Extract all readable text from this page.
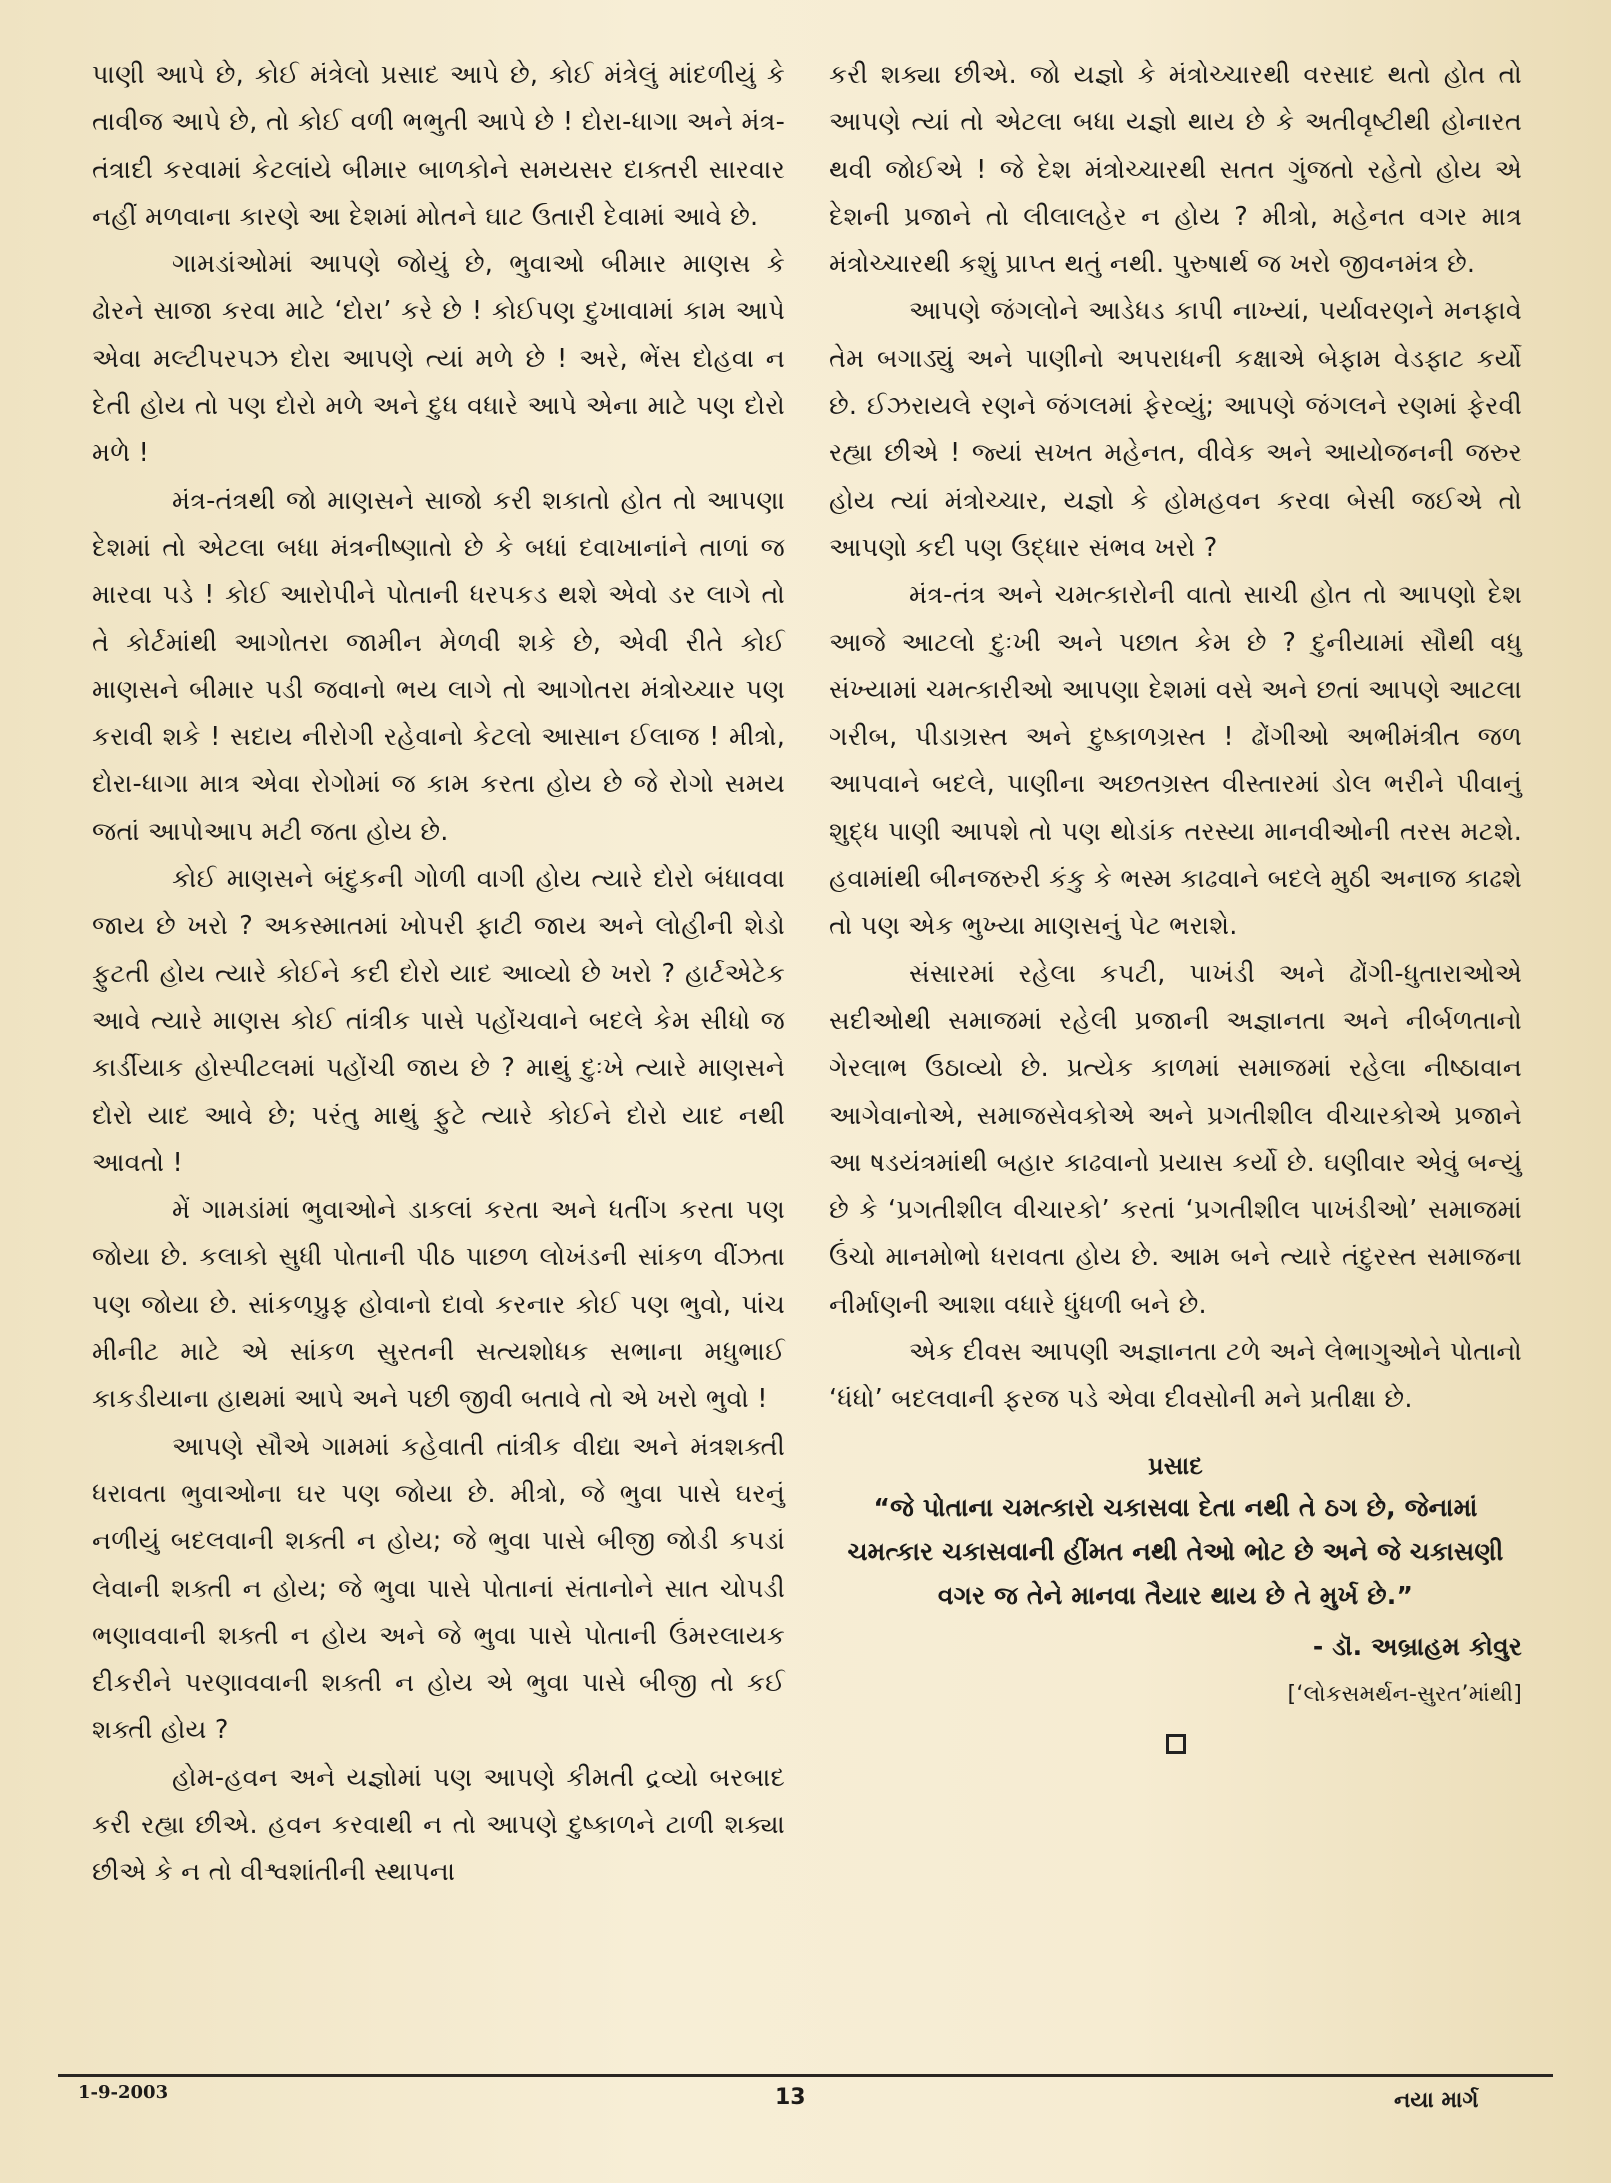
પાણી આપે છે, કોઈ મંત્રેલો પ્રસાદ આપે છે, કોઈ મંત્રેલું માંદળીયું કે તાવીજ આપે છે, તો કોઈ વળી ભભુતી આપે છે ! દોરા-ધાગા અને મંત્ર-તંત્રાદી કરવામાં કેટલાંયે બીમાર બાળકોને સમયસર દાક્તરી સારવાર નહીં મળવાના કારણે આ દેશમાં મોતને ઘાટ ઉતારી દેવામાં આવે છે.

ગામડાંઓમાં આપણે જોયું છે, ભુવાઓ બીમાર માણસ કે ઢોરને સાજા કરવા માટે ‘દોરા’ કરે છે ! કોઈપણ દુખાવામાં કામ આપે એવા મલ્ટીપરપઝ દોરા આપણે ત્યાં મળે છે ! અરે, ભેંસ દોહવા ન દેતી હોય તો પણ દોરો મળે અને દુધ વધારે આપે એના માટે પણ દોરો મળે !

મંત્ર-તંત્રથી જો માણસને સાજો કરી શકાતો હોત તો આપણા દેશમાં તો એટલા બધા મંત્રનીષ્ણાતો છે કે બધાં દવાખાનાંને તાળાં જ મારવા પડે ! કોઈ આરોપીને પોતાની ધરપકડ થશે એવો ડર લાગે તો તે કોર્ટમાંથી આગોતરા જામીન મેળવી શકે છે, એવી રીતે કોઈ માણસને બીમાર પડી જવાનો ભય લાગે તો આગોતરા મંત્રોચ્ચાર પણ કરાવી શકે ! સદાય નીરોગી રહેવાનો કેટલો આસાન ઈલાજ ! મીત્રો, દોરા-ધાગા માત્ર એવા રોગોમાં જ કામ કરતા હોય છે જે રોગો સમય જતાં આપોઆપ મટી જતા હોય છે.

કોઈ માણસને બંદુકની ગોળી વાગી હોય ત્યારે દોરો બંધાવવા જાય છે ખરો ? અકસ્માતમાં ખોપરી ફાટી જાય અને લોહીની શેડો ફુટતી હોય ત્યારે કોઈને કદી દોરો યાદ આવ્યો છે ખરો ? હાર્ટએટેક આવે ત્યારે માણસ કોઈ તાંત્રીક પાસે પહોંચવાને બદલે કેમ સીધો જ કાર્ડીયાક હોસ્પીટલમાં પહોંચી જાય છે ? માથું દુઃખે ત્યારે માણસને દોરો યાદ આવે છે; પરંતુ માથું ફુટે ત્યારે કોઈને દોરો યાદ નથી આવતો !

મેં ગામડાંમાં ભુવાઓને ડાકલાં કરતા અને ધતીંગ કરતા પણ જોયા છે. કલાકો સુધી પોતાની પીઠ પાછળ લોખંડની સાંકળ વીંઝતા પણ જોયા છે. સાંકળપ્રુફ હોવાનો દાવો કરનાર કોઈ પણ ભુવો, પાંચ મીનીટ માટે એ સાંકળ સુરતની સત્યશોધક સભાના મધુભાઈ કાકડીયાના હાથમાં આપે અને પછી જીવી બતાવે તો એ ખરો ભુવો !

આપણે સૌએ ગામમાં કહેવાતી તાંત્રીક વીદ્યા અને મંત્રશક્તી ધરાવતા ભુવાઓના ઘર પણ જોયા છે. મીત્રો, જે ભુવા પાસે ઘરનું નળીયું બદલવાની શક્તી ન હોય; જે ભુવા પાસે બીજી જોડી કપડાં લેવાની શક્તી ન હોય; જે ભુવા પાસે પોતાનાં સંતાનોને સાત ચોપડી ભણાવવાની શક્તી ન હોય અને જે ભુવા પાસે પોતાની ઉંમરલાયક દીકરીને પરણાવવાની શક્તી ન હોય એ ભુવા પાસે બીજી તો કઈ શક્તી હોય ?

હોમ-હવન અને યજ્ઞોમાં પણ આપણે કીમતી દ્રવ્યો બરબાદ કરી રહ્યા છીએ. હવન કરવાથી ન તો આપણે દુષ્કાળને ટાળી શક્યા છીએ કે ન તો વીશ્વશાંતીની સ્થાપના

કરી શક્યા છીએ. જો યજ્ઞો કે મંત્રોચ્ચારથી વરસાદ થતો હોત તો આપણે ત્યાં તો એટલા બધા યજ્ઞો થાય છે કે અતીવૃષ્ટીથી હોનારત થવી જોઈએ ! જે દેશ મંત્રોચ્ચારથી સતત ગુંજતો રહેતો હોય એ દેશની પ્રજાને તો લીલાલહેર ન હોય ? મીત્રો, મહેનત વગર માત્ર મંત્રોચ્ચારથી કશું પ્રાપ્ત થતું નથી. પુરુષાર્થ જ ખરો જીવનમંત્ર છે.

આપણે જંગલોને આડેધડ કાપી નાખ્યાં, પર્યાવરણને મનફાવે તેમ બગાડ્યું અને પાણીનો અપરાધની કક્ષાએ બેફામ વેડફાટ કર્યો છે. ઈઝરાયલે રણને જંગલમાં ફેરવ્યું; આપણે જંગલને રણમાં ફેરવી રહ્યા છીએ ! જ્યાં સખત મહેનત, વીવેક અને આયોજનની જરુર હોય ત્યાં મંત્રોચ્ચાર, યજ્ઞો કે હોમહવન કરવા બેસી જઈએ તો આપણો કદી પણ ઉદ્ધાર સંભવ ખરો ?

મંત્ર-તંત્ર અને ચમત્કારોની વાતો સાચી હોત તો આપણો દેશ આજે આટલો દુઃખી અને પછાત કેમ છે ? દુનીયામાં સૌથી વધુ સંખ્યામાં ચમત્કારીઓ આપણા દેશમાં વસે અને છતાં આપણે આટલા ગરીબ, પીડાગ્રસ્ત અને દુષ્કાળગ્રસ્ત ! ઢોંગીઓ અભીમંત્રીત જળ આપવાને બદલે, પાણીના અછતગ્રસ્ત વીસ્તારમાં ડોલ ભરીને પીવાનું શુદ્ધ પાણી આપશે તો પણ થોડાંક તરસ્યા માનવીઓની તરસ મટશે. હવામાંથી બીનજરુરી કંકુ કે ભસ્મ કાઢવાને બદલે મુઠી અનાજ કાઢશે તો પણ એક ભુખ્યા માણસનું પેટ ભરાશે.

સંસારમાં રહેલા કપટી, પાખંડી અને ઢોંગી-ધુતારાઓએ સદીઓથી સમાજમાં રહેલી પ્રજાની અજ્ઞાનતા અને નીર્બળતાનો ગેરલાભ ઉઠાવ્યો છે. પ્રત્યેક કાળમાં સમાજમાં રહેલા નીષ્ઠાવાન આગેવાનોએ, સમાજસેવકોએ અને પ્રગતીશીલ વીચારકોએ પ્રજાને આ ષડયંત્રમાંથી બહાર કાઢવાનો પ્રયાસ કર્યો છે. ઘણીવાર એવું બન્યું છે કે ‘પ્રગતીશીલ વીચારકો’ કરતાં ‘પ્રગતીશીલ પાખંડીઓ’ સમાજમાં ઉંચો માનમોભો ધરાવતા હોય છે. આમ બને ત્યારે તંદુરસ્ત સમાજના નીર્માણની આશા વધારે ધુંધળી બને છે.

એક દીવસ આપણી અજ્ઞાનતા ટળે અને લેભાગુઓને પોતાનો ‘ધંધો’ બદલવાની ફરજ પડે એવા દીવસોની મને પ્રતીક્ષા છે.

પ્રસાદ
“જે પોતાના ચમત્કારો ચકાસવા દેતા નથી તે ઠગ છે, જેનામાં ચમત્કાર ચકાસવાની હીંમત નથી તેઓ ભોટ છે અને જે ચકાસણી વગર જ તેને માનવા તૈયાર થાય છે તે મુર્ખ છે.”
- ડૉ. અબ્રાહમ કોવુર
[‘લોકસમર્થન-સુરત’માંથી]
1-9-2003	13	નયા માર્ગ
